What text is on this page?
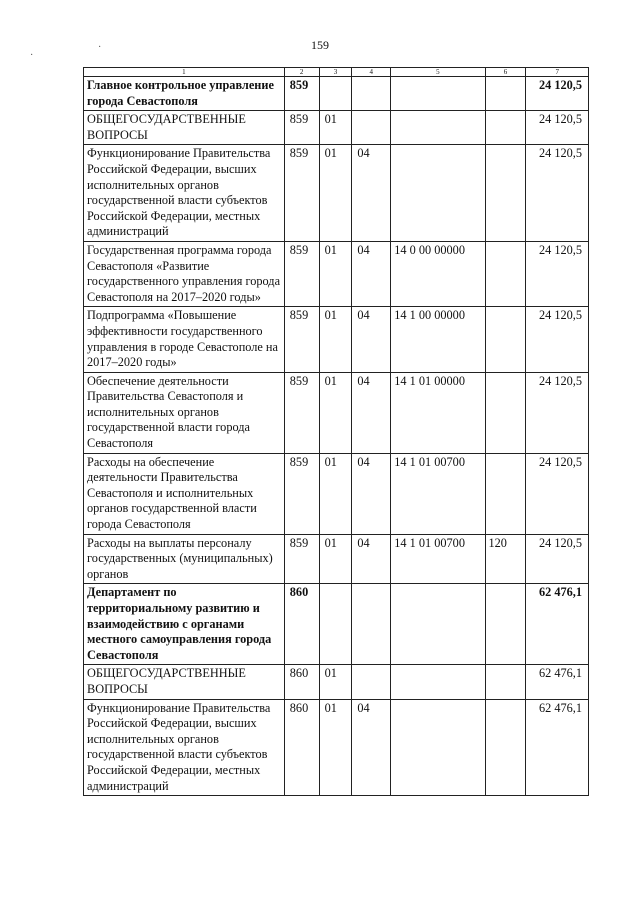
159
·
·
1	2	3	4	5	6	7
Главное контрольное управление города Севастополя	859					24 120,5
ОБЩЕГОСУДАРСТВЕННЫЕ ВОПРОСЫ	859	01				24 120,5
Функционирование Правительства Российской Федерации, высших исполнительных органов государственной власти субъектов Российской Федерации, местных администраций	859	01	04			24 120,5
Государственная программа города Севастополя «Развитие государственного управления города Севастополя на 2017–2020 годы»	859	01	04	14 0 00 00000		24 120,5
Подпрограмма «Повышение эффективности государственного управления в городе Севастополе на 2017–2020 годы»	859	01	04	14 1 00 00000		24 120,5
Обеспечение деятельности Правительства Севастополя и исполнительных органов государственной власти города Севастополя	859	01	04	14 1 01 00000		24 120,5
Расходы на обеспечение деятельности Правительства Севастополя и исполнительных органов государственной власти города Севастополя	859	01	04	14 1 01 00700		24 120,5
Расходы на выплаты персоналу государственных (муниципальных) органов	859	01	04	14 1 01 00700	120	24 120,5
Департамент по территориальному развитию и взаимодействию с органами местного самоуправления города Севастополя	860					62 476,1
ОБЩЕГОСУДАРСТВЕННЫЕ ВОПРОСЫ	860	01				62 476,1
Функционирование Правительства Российской Федерации, высших исполнительных органов государственной власти субъектов Российской Федерации, местных администраций	860	01	04			62 476,1
